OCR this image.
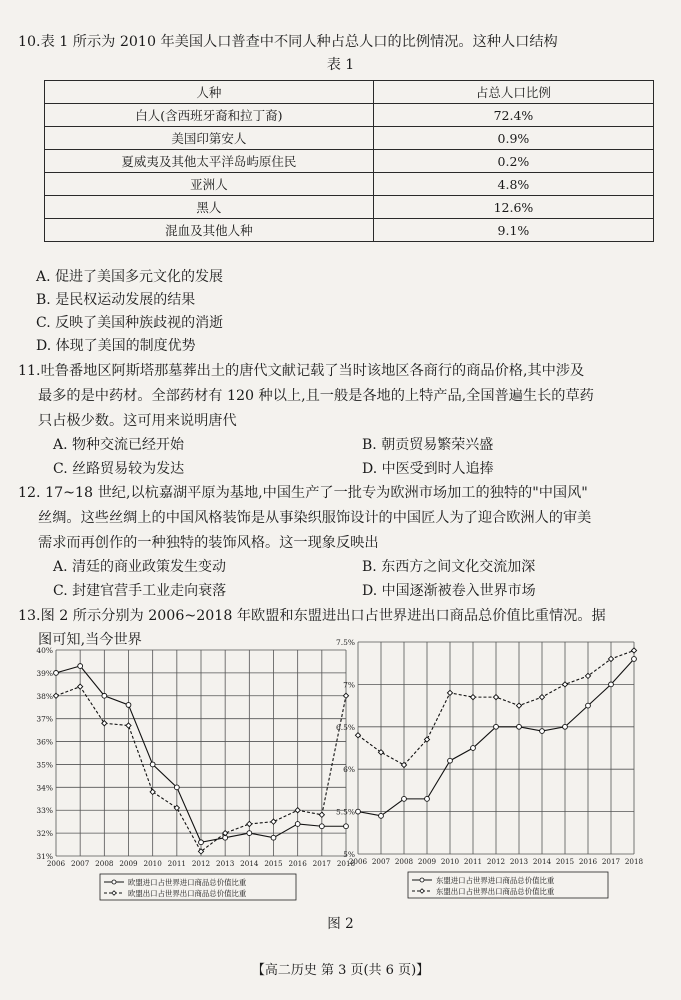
10.表 1 所示为 2010 年美国人口普查中不同人种占总人口的比例情况。这种人口结构
表 1
人种	占总人口比例
白人(含西班牙裔和拉丁裔)	72.4%
美国印第安人	0.9%
夏威夷及其他太平洋岛屿原住民	0.2%
亚洲人	4.8%
黑人	12.6%
混血及其他人种	9.1%
A. 促进了美国多元文化的发展
B. 是民权运动发展的结果
C. 反映了美国种族歧视的消逝
D. 体现了美国的制度优势
11.吐鲁番地区阿斯塔那墓葬出土的唐代文献记载了当时该地区各商行的商品价格,其中涉及
最多的是中药材。全部药材有 120 种以上,且一般是各地的上特产品,全国普遍生长的草药
只占极少数。这可用来说明唐代
A. 物种交流已经开始	B. 朝贡贸易繁荣兴盛
C. 丝路贸易较为发达	D. 中医受到时人追捧
12. 17~18 世纪,以杭嘉湖平原为基地,中国生产了一批专为欧洲市场加工的独特的"中国风"
丝绸。这些丝绸上的中国风格装饰是从事染织服饰设计的中国匠人为了迎合欧洲人的审美
需求而再创作的一种独特的装饰风格。这一现象反映出
A. 清廷的商业政策发生变动	B. 东西方之间文化交流加深
C. 封建官营手工业走向衰落	D. 中国逐渐被卷入世界市场
13.图 2 所示分别为 2006~2018 年欧盟和东盟进出口占世界进出口商品总价值比重情况。据
图可知,当今世界
40%
39%
38%
37%
36%
35%
34%
33%
32%
31%
2006 2007 2008 2009 2010 2011 2012 2013 2014 2015 2016 2017 2018
欧盟进口占世界进口商品总价值比重
欧盟出口占世界出口商品总价值比重
7.5%
7%
6.5%
6%
5.5%
5%
2006 2007 2008 2009 2010 2011 2012 2013 2014 2015 2016 2017 2018
东盟进口占世界进口商品总价值比重
东盟出口占世界出口商品总价值比重
图 2
【高二历史 第 3 页(共 6 页)】
